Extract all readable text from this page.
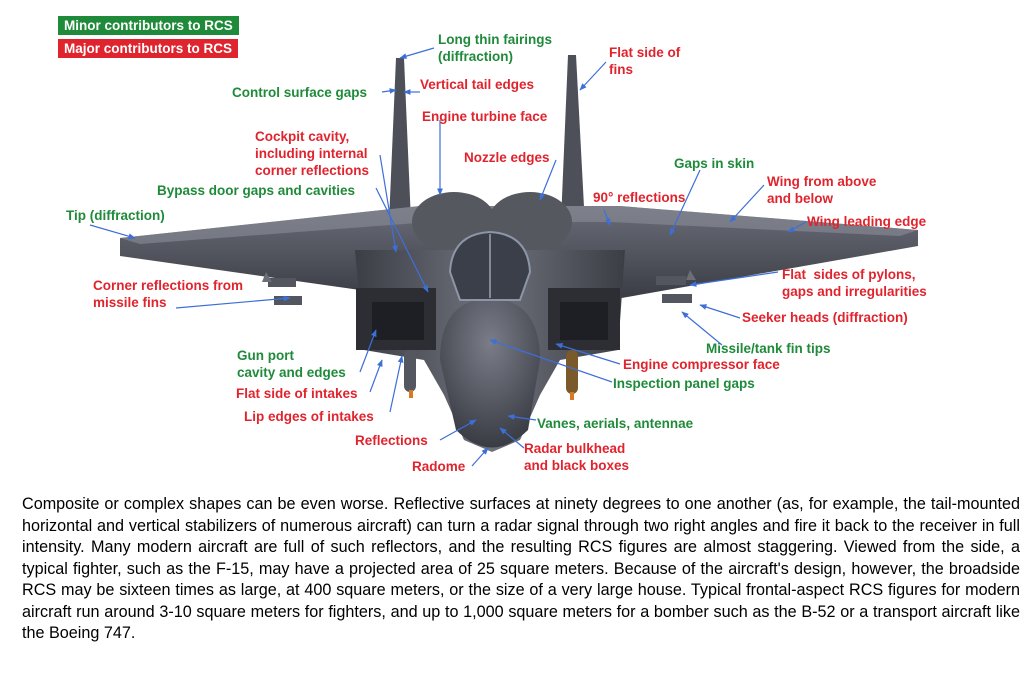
Minor contributors to RCS
Major contributors to RCS
Long thin fairings
(diffraction)	Flat side of
fins
Control surface gaps
Vertical tail edges
Engine turbine face
Cockpit cavity,
including internal
corner reflections
Nozzle edges	Gaps in skin
Bypass door gaps and cavities
Wing from above
and below
90° reflections
Tip (diffraction)	Wing leading edge
Flat  sides of pylons,
gaps and irregularities
Corner reflections from
missile fins
Seeker heads (diffraction)
Missile/tank fin tips
Gun port
cavity and edges
Engine compressor face
Inspection panel gaps
Flat side of intakes
Lip edges of intakes	Vanes, aerials, antennae
Reflections
Radar bulkhead
and black boxes
Radome

Composite or complex shapes can be even worse. Reflective surfaces at ninety degrees to one another (as, for example, the tail-mounted horizontal and vertical stabilizers of numerous aircraft) can turn a radar signal through two right angles and fire it back to the receiver in full intensity. Many modern aircraft are full of such reflectors, and the resulting RCS figures are almost staggering. Viewed from the side, a typical fighter, such as the F-15, may have a projected area of 25 square meters. Because of the aircraft's design, however, the broadside RCS may be sixteen times as large, at 400 square meters, or the size of a very large house. Typical frontal-aspect RCS figures for modern aircraft run around 3-10 square meters for fighters, and up to 1,000 square meters for a bomber such as the B-52 or a transport aircraft like the Boeing 747.
